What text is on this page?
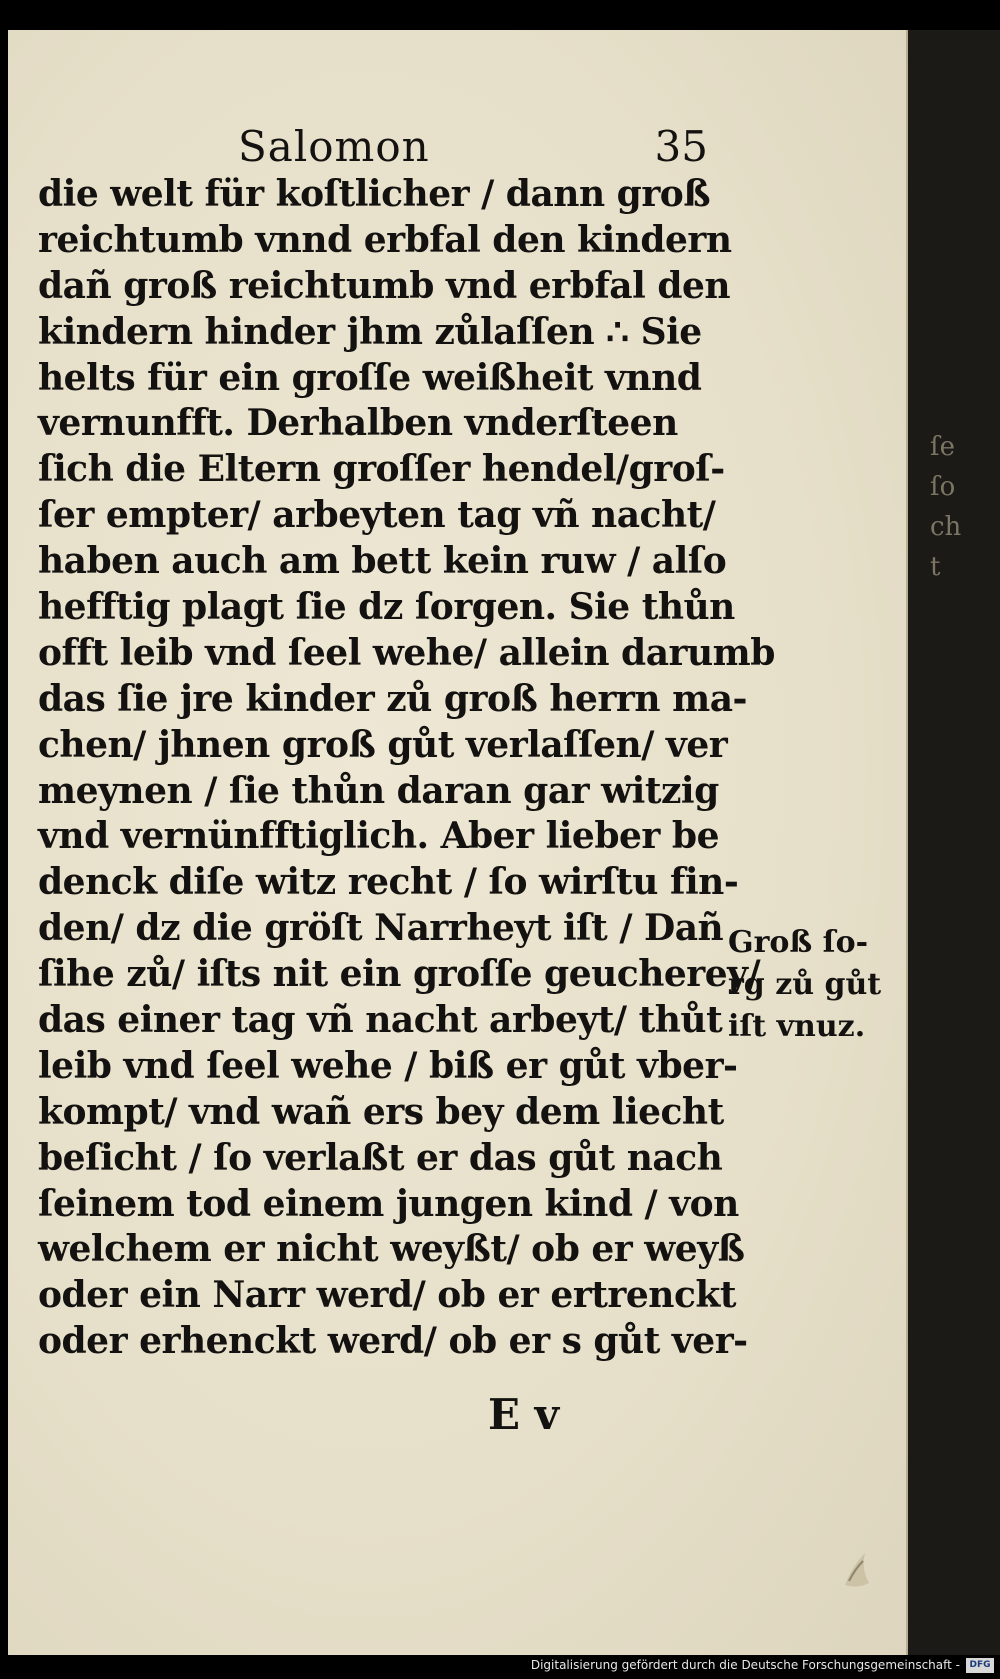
ſe
ſo
ch
t
Salomon	35
die welt für koſtlicher / dann groß
reichtumb vnnd erbfal den kindern
dañ groß reichtumb vnd erbfal den
kindern hinder jhm zůlaſſen ∴ Sie
helts für ein groſſe weißheit vnnd
vernunfft. Derhalben vnderſteen
ſich die Eltern groſſer hendel/groſ-
ſer empter/ arbeyten tag vñ nacht/
haben auch am bett kein ruw / alſo
hefftig plagt ſie dz ſorgen. Sie thůn
offt leib vnd ſeel wehe/ allein darumb
das ſie jre kinder zů groß herrn ma-
chen/ jhnen groß gůt verlaſſen/ ver
meynen / ſie thůn daran gar witzig
vnd vernünfftiglich. Aber lieber be
denck diſe witz recht / ſo wirſtu fin-
den/ dz die gröſt Narrheyt iſt / Dañ
ſihe zů/ iſts nit ein groſſe geucherey/
das einer tag vñ nacht arbeyt/ thůt
leib vnd ſeel wehe / biß er gůt vber-
kompt/ vnd wañ ers bey dem liecht
beſicht / ſo verlaßt er das gůt nach
ſeinem tod einem jungen kind / von
welchem er nicht weyßt/ ob er weyß
oder ein Narr werd/ ob er ertrenckt
oder erhenckt werd/ ob er s gůt ver-
Groß ſo-
rg zů gůt
iſt vnuz.
E v
Digitalisierung gefördert durch die Deutsche Forschungsgemeinschaft -	DFG
